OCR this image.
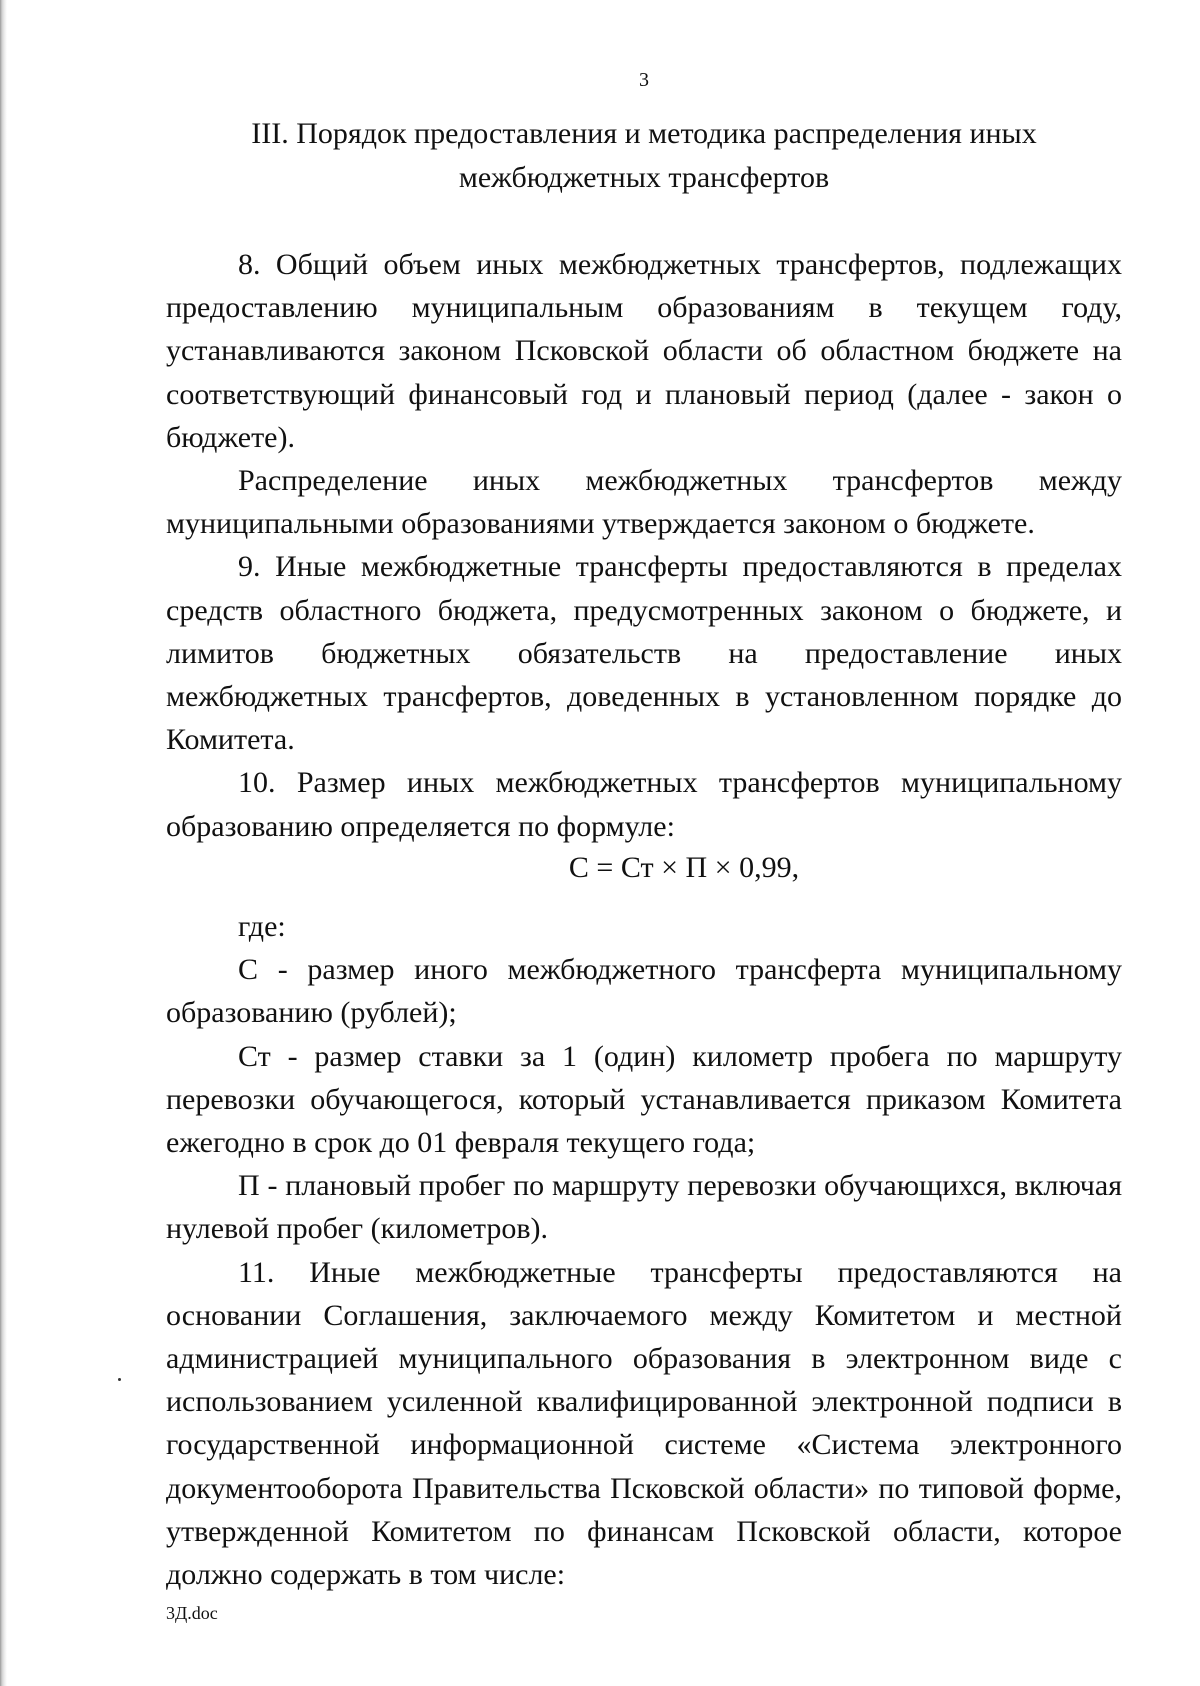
3
III. Порядок предоставления и методика распределения иных
межбюджетных трансфертов

8. Общий объем иных межбюджетных трансфертов, подлежащих предоставлению муниципальным образованиям в текущем году, устанавливаются законом Псковской области об областном бюджете на соответствующий финансовый год и плановый период (далее - закон о бюджете).

Распределение иных межбюджетных трансфертов между муниципальными образованиями утверждается законом о бюджете.

9. Иные межбюджетные трансферты предоставляются в пределах средств областного бюджета, предусмотренных законом о бюджете, и лимитов бюджетных обязательств на предоставление иных межбюджетных трансфертов, доведенных в установленном порядке до Комитета.

10. Размер иных межбюджетных трансфертов муниципальному образованию определяется по формуле:

С = Ст × П × 0,99,

где:

С - размер иного межбюджетного трансферта муниципальному образованию (рублей);

Ст - размер ставки за 1 (один) километр пробега по маршруту перевозки обучающегося, который устанавливается приказом Комитета ежегодно в срок до 01 февраля текущего года;

П - плановый пробег по маршруту перевозки обучающихся, включая нулевой пробег (километров).

11. Иные межбюджетные трансферты предоставляются на основании Соглашения, заключаемого между Комитетом и местной администрацией муниципального образования в электронном виде с использованием усиленной квалифицированной электронной подписи в государственной информационной системе «Система электронного документооборота Правительства Псковской области» по типовой форме, утвержденной Комитетом по финансам Псковской области, которое должно содержать в том числе:

3Д.doc
